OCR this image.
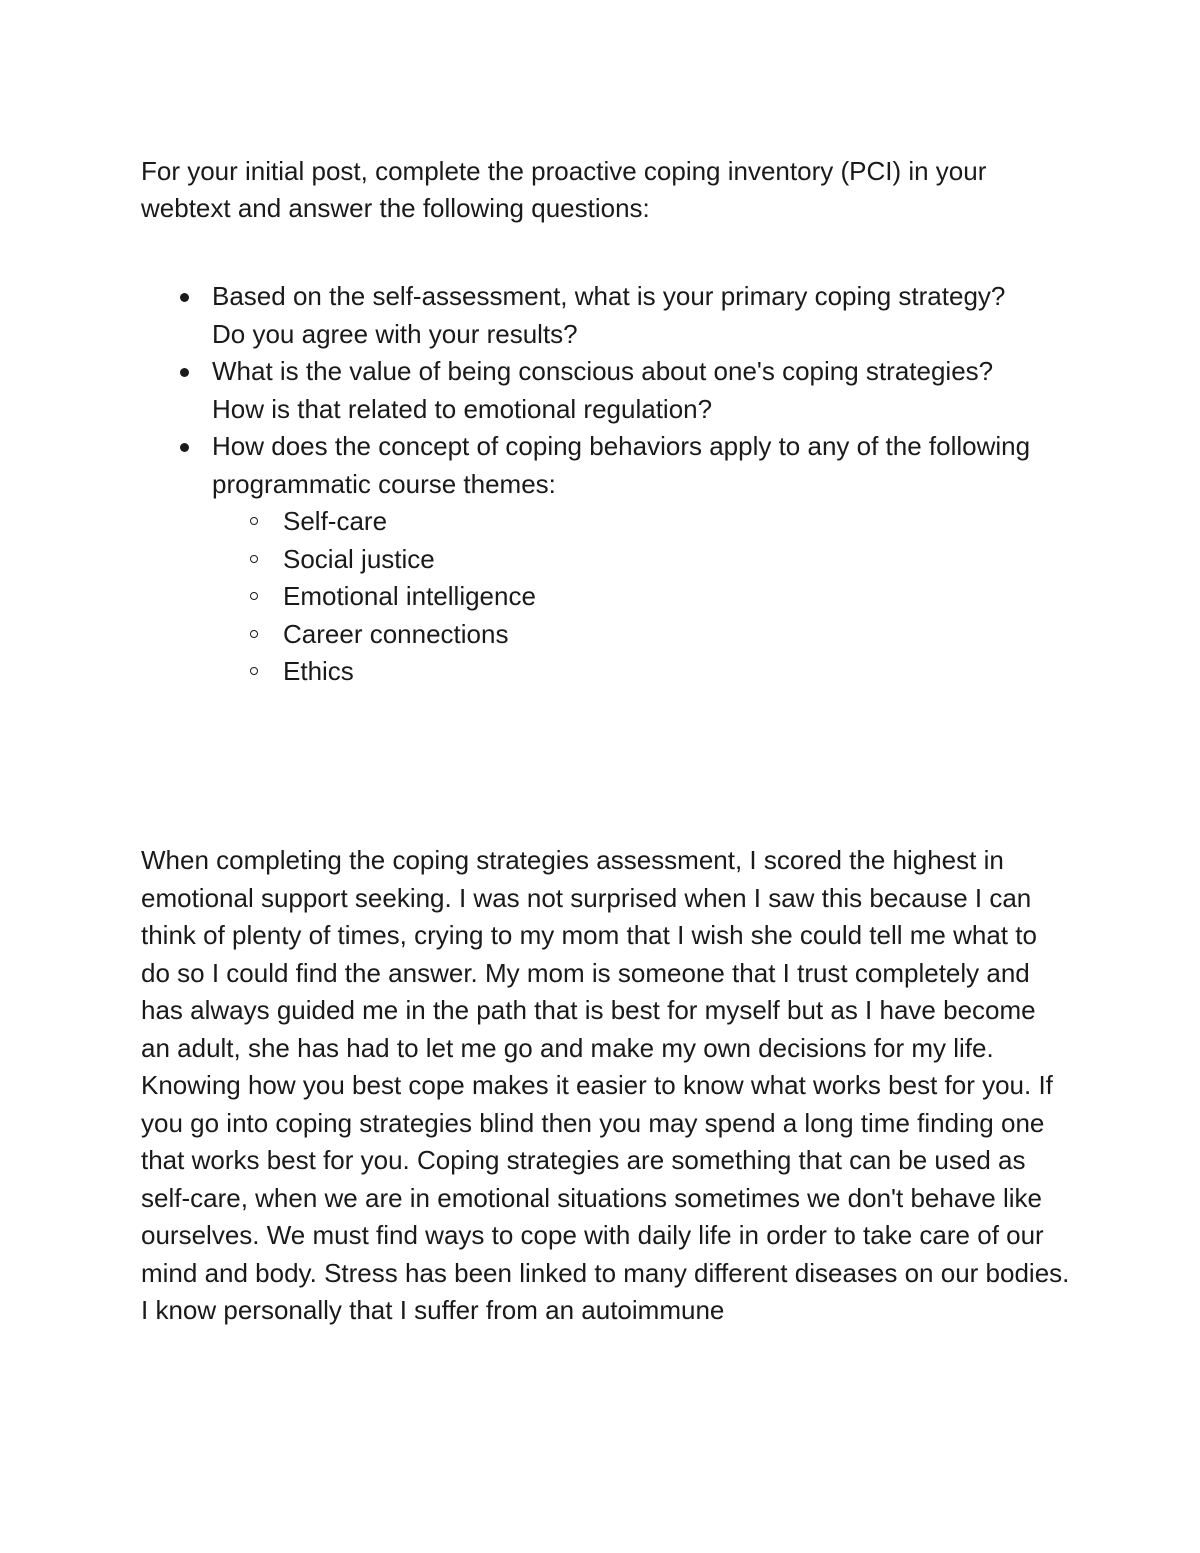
For your initial post, complete the proactive coping inventory (PCI) in your webtext and answer the following questions:

Based on the self-assessment, what is your primary coping strategy? Do you agree with your results?
What is the value of being conscious about one's coping strategies? How is that related to emotional regulation?
How does the concept of coping behaviors apply to any of the following programmatic course themes:
Self-care
Social justice
Emotional intelligence
Career connections
Ethics

When completing the coping strategies assessment, I scored the highest in emotional support seeking. I was not surprised when I saw this because I can think of plenty of times, crying to my mom that I wish she could tell me what to do so I could find the answer. My mom is someone that I trust completely and has always guided me in the path that is best for myself but as I have become an adult, she has had to let me go and make my own decisions for my life. Knowing how you best cope makes it easier to know what works best for you. If you go into coping strategies blind then you may spend a long time finding one that works best for you. Coping strategies are something that can be used as self-care, when we are in emotional situations sometimes we don't behave like ourselves. We must find ways to cope with daily life in order to take care of our mind and body. Stress has been linked to many different diseases on our bodies. I know personally that I suffer from an autoimmune
